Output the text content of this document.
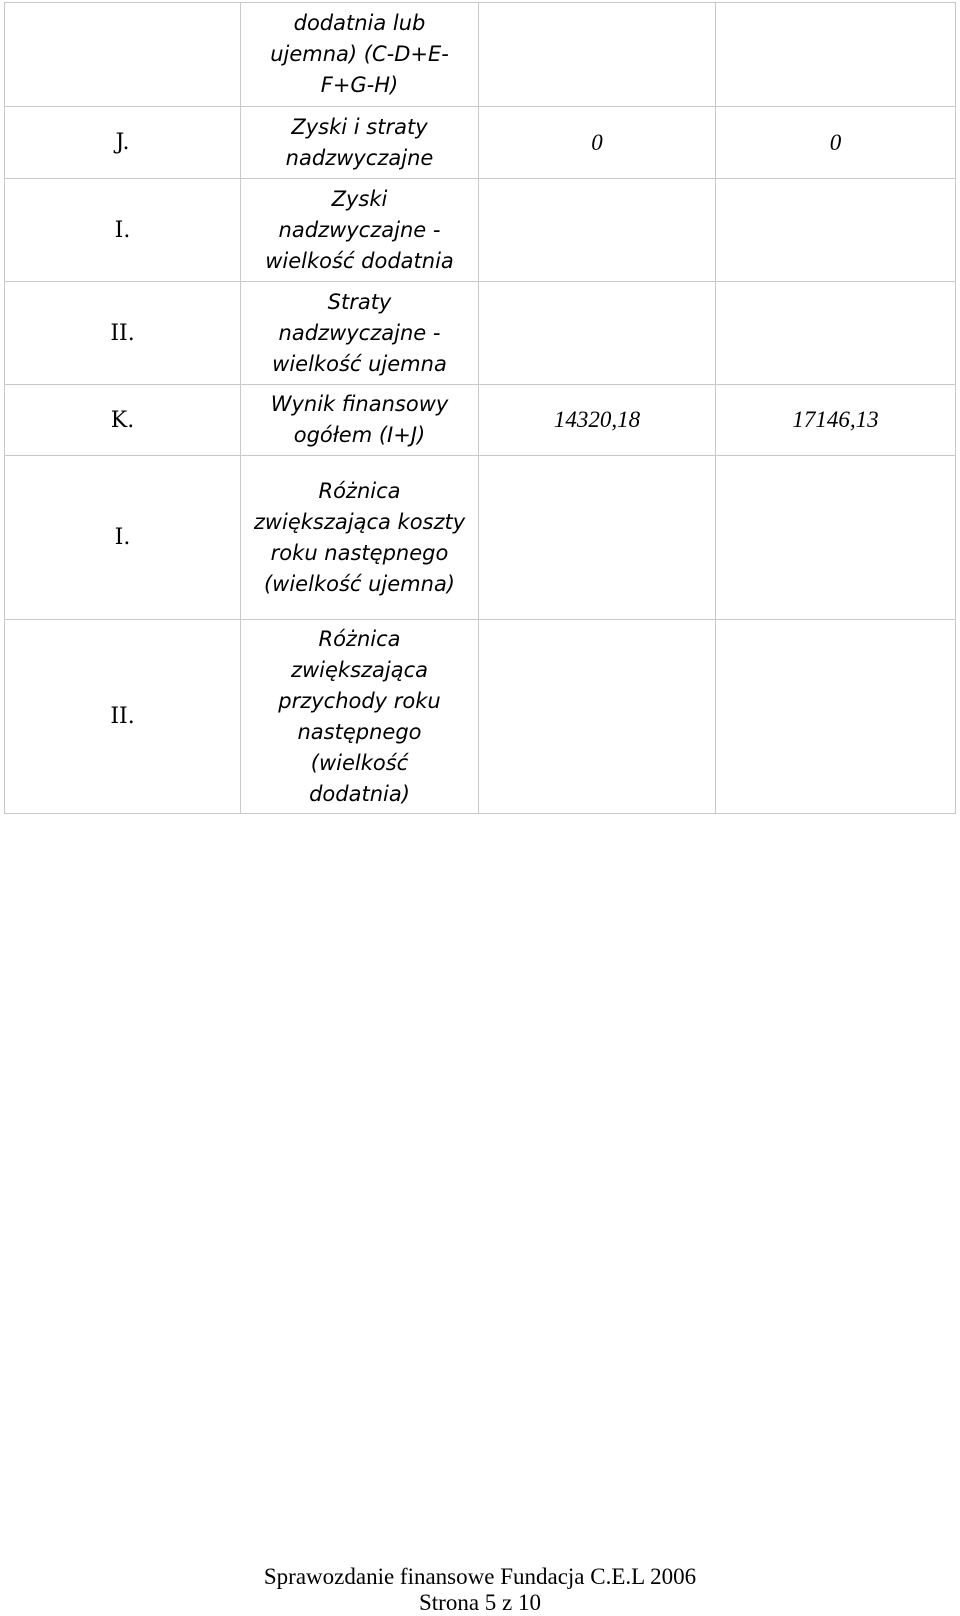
	dodatnia lub ujemna) (C-D+E-F+G-H)		
J.	Zyski i straty nadzwyczajne	0	0
I.	Zyski nadzwyczajne - wielkość dodatnia		
II.	Straty nadzwyczajne - wielkość ujemna		
K.	Wynik finansowy ogółem (I+J)	14320,18	17146,13
I.	Różnica zwiększająca koszty roku następnego (wielkość ujemna)		
II.	Różnica zwiększająca przychody roku następnego (wielkość dodatnia)		
Sprawozdanie finansowe Fundacja C.E.L 2006
Strona 5 z 10
